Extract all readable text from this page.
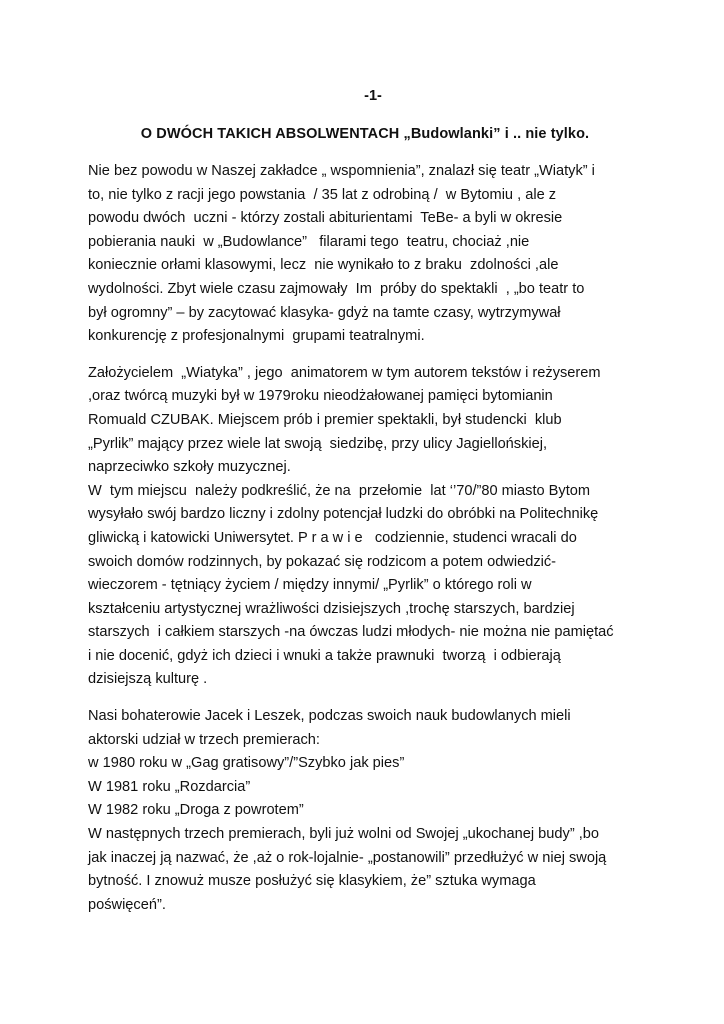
-1-
O DWÓCH TAKICH ABSOLWENTACH „Budowlanki” i .. nie tylko.
Nie bez powodu w Naszej zakładce „ wspomnienia”, znalazł się teatr „Wiatyk” i
to, nie tylko z racji jego powstania  / 35 lat z odrobiną /  w Bytomiu , ale z
powodu dwóch  uczni - którzy zostali abiturientami  TeBe- a byli w okresie
pobierania nauki  w „Budowlance”   filarami tego  teatru, chociaż ,nie
koniecznie orłami klasowymi, lecz  nie wynikało to z braku  zdolności ,ale
wydolności. Zbyt wiele czasu zajmowały  Im  próby do spektakli  , „bo teatr to
był ogromny” – by zacytować klasyka- gdyż na tamte czasy, wytrzymywał
konkurencję z profesjonalnymi  grupami teatralnymi.
Założycielem  „Wiatyka” , jego  animatorem w tym autorem tekstów i reżyserem
,oraz twórcą muzyki był w 1979roku nieodżałowanej pamięci bytomianin
Romuald CZUBAK. Miejscem prób i premier spektakli, był studencki  klub
„Pyrlik” mający przez wiele lat swoją  siedzibę, przy ulicy Jagiellońskiej,
naprzeciwko szkoły muzycznej.
W  tym miejscu  należy podkreślić, że na  przełomie  lat ‘’70/”80 miasto Bytom
wysyłało swój bardzo liczny i zdolny potencjał ludzki do obróbki na Politechnikę
gliwicką i katowicki Uniwersytet. P r a w i e   codziennie, studenci wracali do
swoich domów rodzinnych, by pokazać się rodzicom a potem odwiedzić-
wieczorem - tętniący życiem / między innymi/ „Pyrlik” o którego roli w
kształceniu artystycznej wrażliwości dzisiejszych ,trochę starszych, bardziej
starszych  i całkiem starszych -na ówczas ludzi młodych- nie można nie pamiętać
i nie docenić, gdyż ich dzieci i wnuki a także prawnuki  tworzą  i odbierają
dzisiejszą kulturę .
Nasi bohaterowie Jacek i Leszek, podczas swoich nauk budowlanych mieli
aktorski udział w trzech premierach:
w 1980 roku w „Gag gratisowy”/”Szybko jak pies”
W 1981 roku „Rozdarcia”
W 1982 roku „Droga z powrotem”
W następnych trzech premierach, byli już wolni od Swojej „ukochanej budy” ,bo
jak inaczej ją nazwać, że ,aż o rok-lojalnie- „postanowili” przedłużyć w niej swoją
bytność. I znowuż musze posłużyć się klasykiem, że” sztuka wymaga
poświęceń”.
